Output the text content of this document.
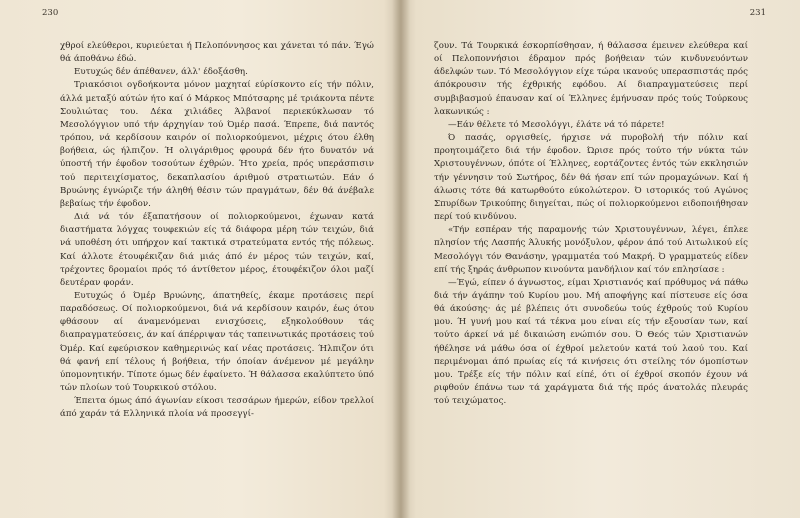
230

χθροί ελεύθεροι, κυριεύεται ή Πελοπόννησος και χάνεται τό πάν. Έγώ θά άποθάνω έδώ.

Ευτυχώς δέν άπέθανεν, άλλ' έδοξάσθη.

Τριακόσιοι ογδοήκοντα μόνον μαχηταί εύρίσκοντο είς τήν πόλιν, άλλά μεταξύ αύτών ήτο καί ό Μάρκος Μπότσαρης μέ τριάκοντα πέντε Σουλιώτας του. Δέκα χιλιάδες Άλβανοί περιεκύκλωσαν τό Μεσολόγγιον υπό τήν άρχηγίαν τού Όμέρ πασά. Έπρεπε, διά παντός τρόπου, νά κερδίσουν καιρόν οί πολιορκούμενοι, μέχρις ότου έλθη βοήθεια, ώς ήλπιζον. Ή ολιγάριθμος φρουρά δέν ήτο δυνατόν νά ύποστή τήν έφοδον τοσούτων έχθρών. Ήτο χρεία, πρός υπεράσπισιν τού περιτειχίσματος, δεκαπλασίου άριθμού στρατιωτών. Εάν ό Βρυώνης έγνώριζε τήν άληθή θέσιν τών πραγμάτων, δέν θά άνέβαλε βεβαίως τήν έφοδον.

Διά νά τόν έξαπατήσουν οί πολιορκούμενοι, έχωναν κατά διαστήματα λόγχας τουφεκιών είς τά διάφορα μέρη τών τειχών, διά νά υποθέση ότι υπήρχον καί τακτικά στρατεύματα εντός τής πόλεως. Καί άλλοτε έτουφέκιζαν διά μιάς άπό έν μέρος τών τειχών, καί, τρέχοντες δρομαίοι πρός τό άντίθετον μέρος, έτουφέκιζον όλοι μαζί δευτέραν φοράν.

Ευτυχώς ό Όμέρ Βρυώνης, άπατηθείς, έκαμε προτάσεις περί παραδόσεως. Οί πολιορκούμενοι, διά νά κερδίσουν καιρόν, έως ότου φθάσουν αί άναμενόμεναι ενισχύσεις, εξηκολούθουν τάς διαπραγματεύσεις, άν καί άπέρριψαν τάς ταπεινωτικάς προτάσεις τού Όμέρ. Καί εφεύρισκον καθημερινώς καί νέας προτάσεις. Ήλπιζον ότι θά φανή επί τέλους ή βοήθεια, τήν όποίαν άνέμενον μέ μεγάλην ύπομονητικήν. Τίποτε όμως δέν έφαίνετο. Ή θάλασσα εκαλύπτετο ύπό τών πλοίων τού Τουρκικού στόλου.

Έπειτα όμως άπό άγωνίαν είκοσι τεσσάρων ήμερών, είδον τρελλοί άπό χαράν τά Ελληνικά πλοία νά προσεγγί-

231

ζουν. Τά Τουρκικά έσκορπίσθησαν, ή θάλασσα έμεινεν ελεύθερα καί οί Πελοποννήσιοι έδραμον πρός βοήθειαν τών κινδυνευόντων άδελφών των. Τό Μεσολόγγιον είχε τώρα ικανούς υπερασπιστάς πρός άπόκρουσιν τής έχθρικής εφόδου. Αί διαπραγματεύσεις περί συμβιβασμού έπαυσαν καί οί Έλληνες έμήνυσαν πρός τούς Τούρκους λακωνικώς :

—Εάν θέλετε τό Μεσολόγγι, έλάτε νά τό πάρετε!

Ό πασάς, οργισθείς, ήρχισε νά πυροβολή τήν πόλιν καί προητοιμάζετο διά τήν έφοδον. Ώρισε πρός τούτο τήν νύκτα τών Χριστουγέννων, όπότε οί Έλληνες, εορτάζοντες έντός τών εκκλησιών τήν γέννησιν τού Σωτήρος, δέν θά ήσαν επί τών προμαχώνων. Καί ή άλωσις τότε θά κατωρθούτο εύκολώτερον. Ό ιστορικός τού Αγώνος Σπυρίδων Τρικούπης διηγείται, πώς οί πολιορκούμενοι ειδοποιήθησαν περί τού κινδύνου.

«Τήν εσπέραν τής παραμονής τών Χριστουγέννων, λέγει, έπλεε πλησίον τής Λασπής Άλυκής μονόξυλον, φέρον άπό τού Αιτωλικού είς Μεσολόγγι τόν Θανάσην, γραμματέα τού Μακρή. Ό γραμματεύς είδεν επί τής ξηράς άνθρωπον κινούντα μανδήλιον καί τόν επλησίασε :

—Έγώ, είπεν ό άγνωστος, είμαι Χριστιανός καί πρόθυμος νά πάθω διά τήν άγάπην τού Κυρίου μου. Μή αποφήγης καί πίστευσε είς όσα θά άκούσης· άς μέ βλέπεις ότι συνοδεύω τούς έχθρούς τού Κυρίου μου. Ή γυνή μου καί τά τέκνα μου είναι είς τήν εξουσίαν των, καί τούτο άρκεί νά μέ δικαιώση ενώπιόν σου. Ό Θεός τών Χριστιανών ήθέλησε νά μάθω όσα οί έχθροί μελετούν κατά τού λαού του. Καί περιμένομαι άπό πρωίας είς τά κινήσεις ότι στείλης τόν όμοπίστων μου. Τρέξε είς τήν πόλιν καί είπέ, ότι οί έχθροί σκοπόν έχουν νά ριφθούν έπάνω των τά χαράγματα διά τής πρός άνατολάς πλευράς τού τειχώματος.
